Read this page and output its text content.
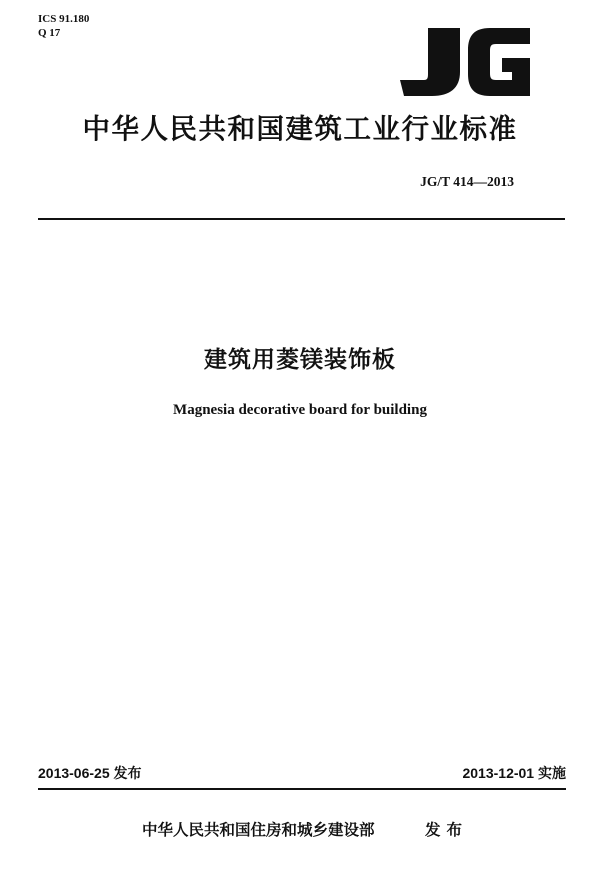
ICS 91.180
Q 17
中华人民共和国建筑工业行业标准
JG/T 414—2013
建筑用菱镁装饰板
Magnesia decorative board for building
2013-06-25 发布	2013-12-01 实施
中华人民共和国住房和城乡建设部	发布
